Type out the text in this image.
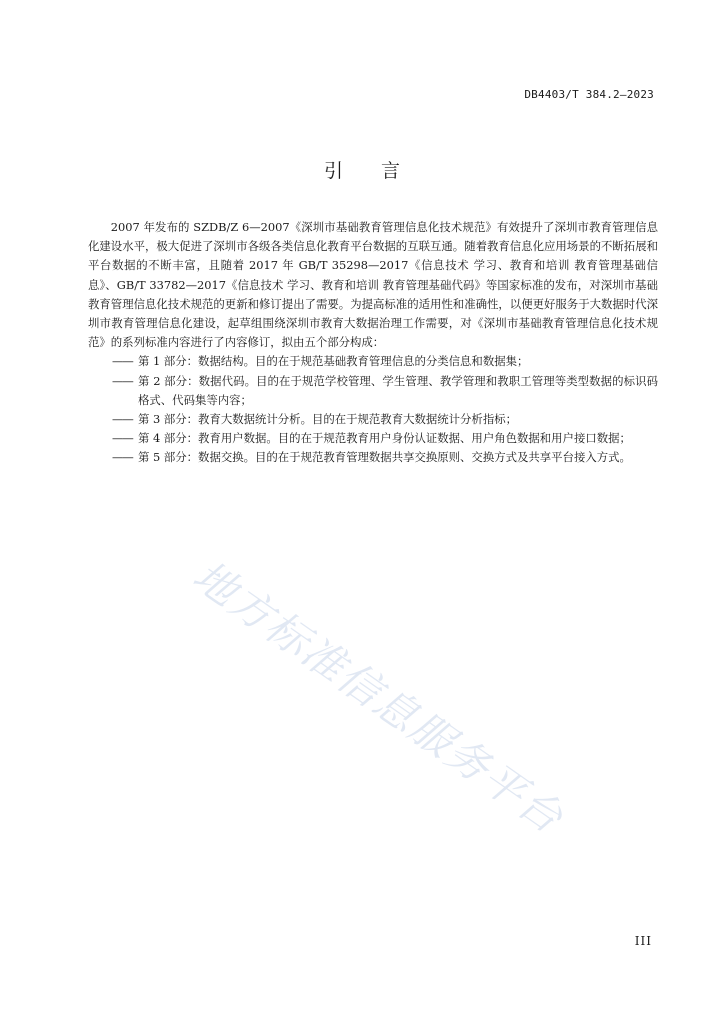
DB4403/T 384.2—2023
引言

2007 年发布的 SZDB/Z 6—2007《深圳市基础教育管理信息化技术规范》有效提升了深圳市教育管理信息化建设水平，极大促进了深圳市各级各类信息化教育平台数据的互联互通。随着教育信息化应用场景的不断拓展和平台数据的不断丰富，且随着 2017 年 GB/T 35298—2017《信息技术 学习、教育和培训 教育管理基础信息》、GB/T 33782—2017《信息技术 学习、教育和培训 教育管理基础代码》等国家标准的发布，对深圳市基础教育管理信息化技术规范的更新和修订提出了需要。为提高标准的适用性和准确性，以便更好服务于大数据时代深圳市教育管理信息化建设，起草组围绕深圳市教育大数据治理工作需要，对《深圳市基础教育管理信息化技术规范》的系列标准内容进行了内容修订，拟由五个部分构成：

—— 第 1 部分：数据结构。目的在于规范基础教育管理信息的分类信息和数据集；
—— 第 2 部分：数据代码。目的在于规范学校管理、学生管理、教学管理和教职工管理等类型数据的标识码格式、代码集等内容；
—— 第 3 部分：教育大数据统计分析。目的在于规范教育大数据统计分析指标；
—— 第 4 部分：教育用户数据。目的在于规范教育用户身份认证数据、用户角色数据和用户接口数据；
—— 第 5 部分：数据交换。目的在于规范教育管理数据共享交换原则、交换方式及共享平台接入方式。
地方标准信息服务平台
III
